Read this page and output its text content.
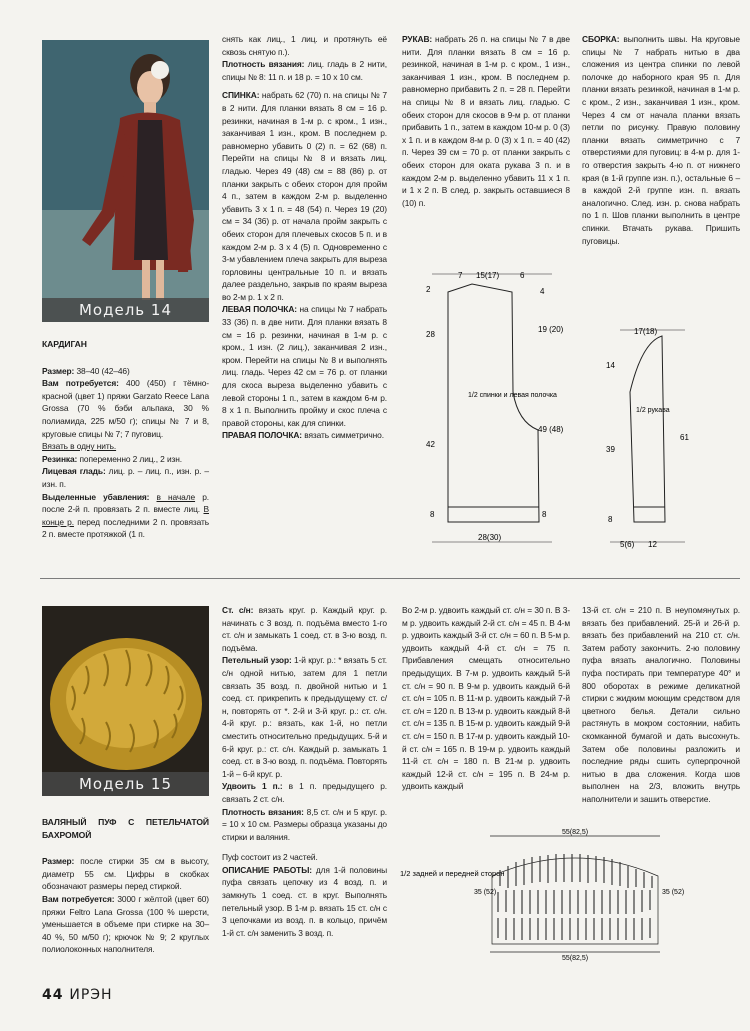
Модель 14

КАРДИГАН

Размер: 38–40 (42–46)

Вам потребуется: 400 (450) г тёмно-красной (цвет 1) пряжи Garzato Reece Lana Grossa (70 % бэби альпака, 30 % полиамида, 225 м/50 г); спицы № 7 и 8, круговые спицы № 7; 7 пуговиц.

Вязать в одну нить.

Резинка: попеременно 2 лиц., 2 изн.

Лицевая гладь: лиц. р. – лиц. п., изн. р. – изн. п.

Выделенные убавления: в начале р. после 2-й п. провязать 2 п. вместе лиц. В конце р. перед последними 2 п. провязать 2 п. вместе протяжкой (1 п.

снять как лиц., 1 лиц. и протянуть её сквозь снятую п.).

Плотность вязания: лиц. гладь в 2 нити, спицы № 8: 11 п. и 18 р. = 10 х 10 см.

СПИНКА: набрать 62 (70) п. на спицы № 7 в 2 нити. Для планки вязать 8 см = 16 р. резинки, начиная в 1-м р. с кром., 1 изн., заканчивая 1 изн., кром. В последнем р. равномерно убавить 0 (2) п. = 62 (68) п. Перейти на спицы № 8 и вязать лиц. гладью. Через 49 (48) см = 88 (86) р. от планки закрыть с обеих сторон для пройм 4 п., затем в каждом 2-м р. выделенно убавить 3 х 1 п. = 48 (54) п. Через 19 (20) см = 34 (36) р. от начала пройм закрыть с обеих сторон для плечевых скосов 5 п. и в каждом 2-м р. 3 х 4 (5) п. Одновременно с 3-м убавлением плеча закрыть для выреза горловины центральные 10 п. и вязать далее раздельно, закрыв по краям выреза во 2-м р. 1 х 2 п.

ЛЕВАЯ ПОЛОЧКА: на спицы № 7 набрать 33 (36) п. в две нити. Для планки вязать 8 см = 16 р. резинки, начиная в 1-м р. с кром., 1 изн. (2 лиц.), заканчивая 2 изн., кром. Перейти на спицы № 8 и выполнять лиц. гладь. Через 42 см = 76 р. от планки для скоса выреза выделенно убавить с левой стороны 1 п., затем в каждом 6-м р. 8 х 1 п. Выполнить пройму и скос плеча с правой стороны, как для спинки.

ПРАВАЯ ПОЛОЧКА: вязать симметрично.

РУКАВ: набрать 26 п. на спицы № 7 в две нити. Для планки вязать 8 см = 16 р. резинкой, начиная в 1-м р. с кром., 1 изн., заканчивая 1 изн., кром. В последнем р. равномерно прибавить 2 п. = 28 п. Перейти на спицы № 8 и вязать лиц. гладью. С обеих сторон для скосов в 9-м р. от планки прибавить 1 п., затем в каждом 10-м р. 0 (3) х 1 п. и в каждом 8-м р. 0 (3) х 1 п. = 40 (42) п. Через 39 см = 70 р. от планки закрыть с обеих сторон для оката рукава 3 п. и в каждом 2-м р. выделенно убавить 11 х 1 п. и 1 х 2 п. В след. р. закрыть оставшиеся 8 (10) п.

СБОРКА: выполнить швы. На круговые спицы № 7 набрать нитью в два сложения из центра спинки по левой полочке до наборного края 95 п. Для планки вязать резинкой, начиная в 1-м р. с кром., 2 изн., заканчивая 1 изн., кром. Через 4 см от начала планки вязать петли по рисунку. Правую половину планки вязать симметрично с 7 отверстиями для пуговиц: в 4-м р. для 1-го отверстия закрыть 4-ю п. от нижнего края (в 1-й группе изн. п.), остальные 6 – в каждой 2-й группе изн. п. вязать аналогично. След. изн. р. снова набрать по 1 п. Шов планки выполнить в центре спинки. Втачать рукава. Пришить пуговицы.

7 15(17)	6
2	4
28
19 (20)
1/2 спинки и левая полочка
49 (48)
42
8	8
28(30)
17(18)
14
1/2 рукава
39
61
8
5(6) 12
Модель 15

ВАЛЯНЫЙ ПУФ С ПЕТЕЛЬЧАТОЙ БАХРОМОЙ

Размер: после стирки 35 см в высоту, диаметр 55 см. Цифры в скобках обозначают размеры перед стиркой.

Вам потребуется: 3000 г жёлтой (цвет 60) пряжи Feltro Lana Grossa (100 % шерсти, уменьшается в объеме при стирке на 30–40 %, 50 м/50 г); крючок № 9; 2 круглых полиолоконных наполнителя.

Ст. с/н: вязать круг. р. Каждый круг. р. начинать с 3 возд. п. подъёма вместо 1-го ст. с/н и замыкать 1 соед. ст. в 3-ю возд. п. подъёма.

Петельный узор: 1-й круг. р.: * вязать 5 ст. с/н одной нитью, затем для 1 петли связать 35 возд. п. двойной нитью и 1 соед. ст. прикрепить к предыдущему ст. с/н, повторять от *. 2-й и 3-й круг. р.: ст. с/н. 4-й круг. р.: вязать, как 1-й, но петли сместить относительно предыдущих. 5-й и 6-й круг. р.: ст. с/н. Каждый р. замыкать 1 соед. ст. в 3-ю возд. п. подъёма. Повторять 1-й – 6-й круг. р.

Удвоить 1 п.: в 1 п. предыдущего р. связать 2 ст. с/н.

Плотность вязания: 8,5 ст. с/н и 5 круг. р. = 10 х 10 см. Размеры образца указаны до стирки и валяния.

Пуф состоит из 2 частей.

ОПИСАНИЕ РАБОТЫ: для 1-й половины пуфа связать цепочку из 4 возд. п. и замкнуть 1 соед. ст. в круг. Выполнять петельный узор. В 1-м р. вязать 15 ст. с/н с 3 цепочками из возд. п. в кольцо, причём 1-й ст. с/н заменить 3 возд. п.

Во 2-м р. удвоить каждый ст. с/н = 30 п. В 3-м р. удвоить каждый 2-й ст. с/н = 45 п. В 4-м р. удвоить каждый 3-й ст. с/н = 60 п. В 5-м р. удвоить каждый 4-й ст. с/н = 75 п. Прибавления смещать относительно предыдущих. В 7-м р. удвоить каждый 5-й ст. с/н = 90 п. В 9-м р. удвоить каждый 6-й ст. с/н = 105 п. В 11-м р. удвоить каждый 7-й ст. с/н = 120 п. В 13-м р. удвоить каждый 8-й ст. с/н = 135 п. В 15-м р. удвоить каждый 9-й ст. с/н = 150 п. В 17-м р. удвоить каждый 10-й ст. с/н = 165 п. В 19-м р. удвоить каждый 11-й ст. с/н = 180 п. В 21-м р. удвоить каждый 12-й ст. с/н = 195 п. В 24-м р. удвоить каждый

13-й ст. с/н = 210 п. В неупомянутых р. вязать без прибавлений. 25-й и 26-й р. вязать без прибавлений на 210 ст. с/н. Затем работу закончить. 2-ю половину пуфа вязать аналогично. Половины пуфа постирать при температуре 40° и 800 оборотах в режиме деликатной стирки с жидким моющим средством для цветного белья. Детали сильно растянуть в мокром состоянии, набить скомканной бумагой и дать высохнуть. Затем обе половины разложить и последние ряды сшить суперпрочной нитью в два сложения. Когда шов выполнен на 2/3, вложить внутрь наполнители и зашить отверстие.

1/2 задней и передней сторон
55(82,5)
35 (52)	35 (52)
55(82,5)
44 ИРЭН
